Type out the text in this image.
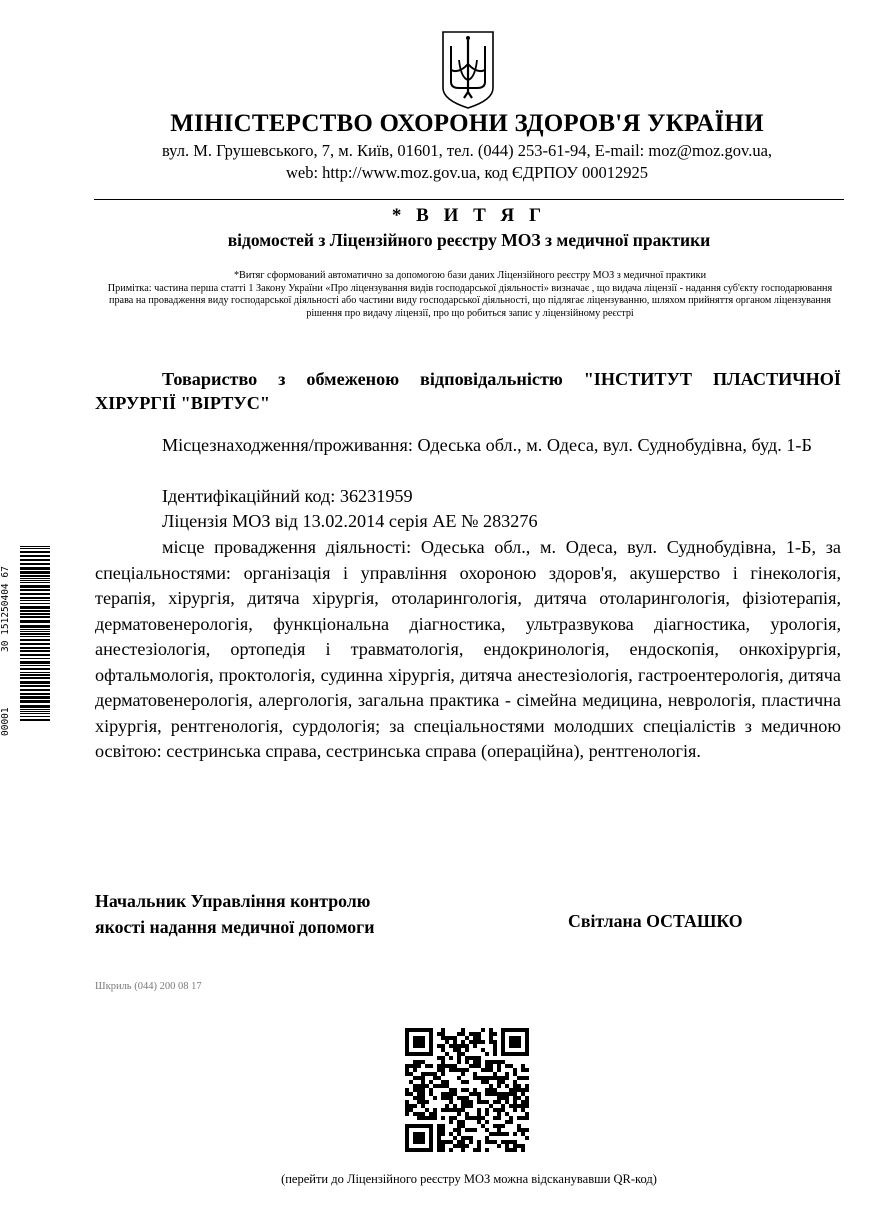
МІНІСТЕРСТВО ОХОРОНИ ЗДОРОВ'Я УКРАЇНИ
вул. М. Грушевського, 7, м. Київ, 01601, тел. (044) 253-61-94, E-mail: moz@moz.gov.ua,
web: http://www.moz.gov.ua, код ЄДРПОУ 00012925
* В И Т Я Г
відомостей з Ліцензійного реєстру МОЗ з медичної практики
*Витяг сформований автоматично за допомогою бази даних Ліцензійного реєстру МОЗ з медичної практики
Примітка: частина перша статті 1 Закону України «Про ліцензування видів господарської діяльності» визначає , що видача ліцензії - надання суб'єкту господарювання права на провадження виду господарської діяльності або частини виду господарської діяльності, що підлягає ліцензуванню, шляхом прийняття органом ліцензування рішення про видачу ліцензії, про що робиться запис у ліцензійному реєстрі
Товариство з обмеженою відповідальністю "ІНСТИТУТ ПЛАСТИЧНОЇ ХІРУРГІЇ "ВІРТУС"
Місцезнаходження/проживання: Одеська обл., м. Одеса, вул. Суднобудівна, буд. 1-Б
Ідентифікаційний код: 36231959
Ліцензія МОЗ від 13.02.2014 серія АЕ № 283276
місце провадження діяльності: Одеська обл., м. Одеса, вул. Суднобудівна, 1-Б, за спеціальностями: організація і управління охороною здоров'я, акушерство і гінекологія, терапія, хірургія, дитяча хірургія, отоларингологія, дитяча отоларингологія, фізіотерапія, дерматовенерологія, функціональна діагностика, ультразвукова діагностика, урологія, анестезіологія, ортопедія і травматологія, ендокринологія, ендоскопія, онкохірургія, офтальмологія, проктологія, судинна хірургія, дитяча анестезіологія, гастроентерологія, дитяча дерматовенерологія, алергологія, загальна практика - сімейна медицина, неврологія, пластична хірургія, рентгенологія, сурдологія; за спеціальностями молодших спеціалістів з медичною освітою: сестринська справа, сестринська справа (операційна), рентгенологія.
Начальник Управління контролю
якості надання медичної допомоги	Світлана ОСТАШКО
Шкриль (044) 200 08 17
(перейти до Ліцензійного реєстру МОЗ можна відсканувавши QR-код)
30 151250404 67
00001
